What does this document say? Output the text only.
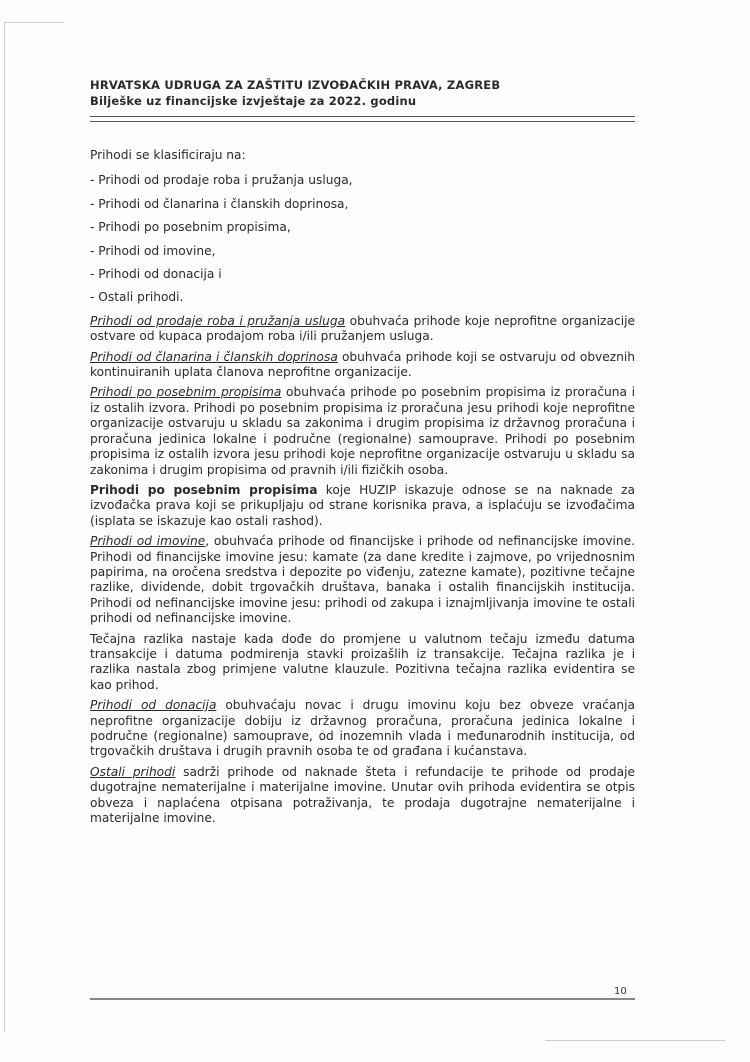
HRVATSKA UDRUGA ZA ZAŠTITU IZVOĐAČKIH PRAVA, ZAGREB
Bilješke uz financijske izvještaje za 2022. godinu

Prihodi se klasificiraju na:

- Prihodi od prodaje roba i pružanja usluga,
- Prihodi od članarina i članskih doprinosa,
- Prihodi po posebnim propisima,
- Prihodi od imovine,
- Prihodi od donacija i
- Ostali prihodi.

Prihodi od prodaje roba i pružanja usluga obuhvaća prihode koje neprofitne organizacije ostvare od kupaca prodajom roba i/ili pružanjem usluga.

Prihodi od članarina i članskih doprinosa obuhvaća prihode koji se ostvaruju od obveznih kontinuiranih uplata članova neprofitne organizacije.

Prihodi po posebnim propisima obuhvaća prihode po posebnim propisima iz proračuna i iz ostalih izvora. Prihodi po posebnim propisima iz proračuna jesu prihodi koje neprofitne organizacije ostvaruju u skladu sa zakonima i drugim propisima iz državnog proračuna i proračuna jedinica lokalne i područne (regionalne) samouprave. Prihodi po posebnim propisima iz ostalih izvora jesu prihodi koje neprofitne organizacije ostvaruju u skladu sa zakonima i drugim propisima od pravnih i/ili fizičkih osoba.

Prihodi po posebnim propisima koje HUZIP iskazuje odnose se na naknade za izvođačka prava koji se prikupljaju od strane korisnika prava, a isplaćuju se izvođačima (isplata se iskazuje kao ostali rashod).

Prihodi od imovine, obuhvaća prihode od financijske i prihode od nefinancijske imovine. Prihodi od financijske imovine jesu: kamate (za dane kredite i zajmove, po vrijednosnim papirima, na oročena sredstva i depozite po viđenju, zatezne kamate), pozitivne tečajne razlike, dividende, dobit trgovačkih društava, banaka i ostalih financijskih institucija. Prihodi od nefinancijske imovine jesu: prihodi od zakupa i iznajmljivanja imovine te ostali prihodi od nefinancijske imovine.

Tečajna razlika nastaje kada dođe do promjene u valutnom tečaju između datuma transakcije i datuma podmirenja stavki proizašlih iz transakcije. Tečajna razlika je i razlika nastala zbog primjene valutne klauzule. Pozitivna tečajna razlika evidentira se kao prihod.

Prihodi od donacija obuhvaćaju novac i drugu imovinu koju bez obveze vraćanja neprofitne organizacije dobiju iz državnog proračuna, proračuna jedinica lokalne i područne (regionalne) samouprave, od inozemnih vlada i međunarodnih institucija, od trgovačkih društava i drugih pravnih osoba te od građana i kućanstava.

Ostali prihodi sadrži prihode od naknade šteta i refundacije te prihode od prodaje dugotrajne nematerijalne i materijalne imovine. Unutar ovih prihoda evidentira se otpis obveza i naplaćena otpisana potraživanja, te prodaja dugotrajne nematerijalne i materijalne imovine.

10
